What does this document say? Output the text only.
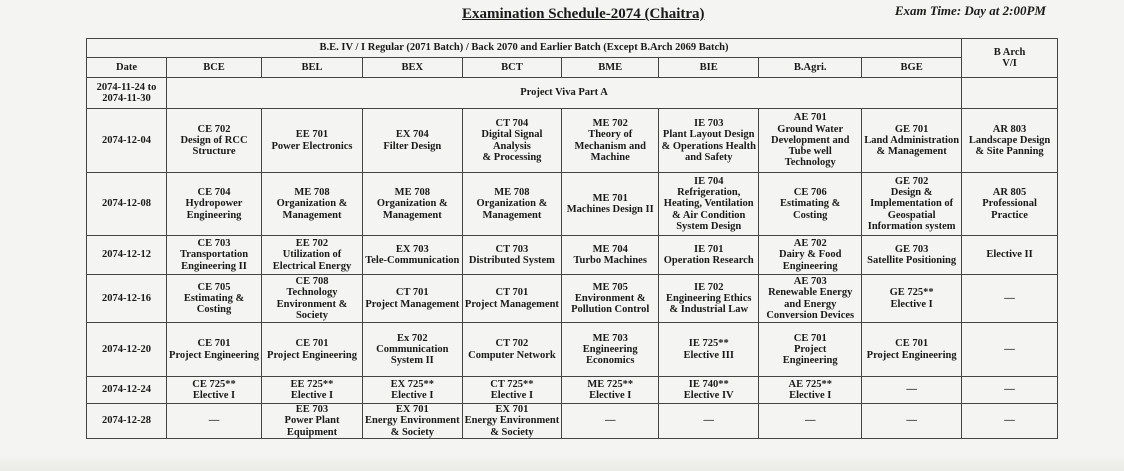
Examination Schedule-2074 (Chaitra)	Exam Time: Day at 2:00PM
B.E. IV / I Regular (2071 Batch) / Back 2070 and Earlier Batch (Except B.Arch 2069 Batch)									B Arch
V/I

Date	BCE	BEL	BEX	BCT	BME	BIE	B.Agri.	BGE	

2074-11-24 to
2074-11-30	Project Viva Part A								
2074-12-04	CE 702
Design of RCC
Structure	EE 701
Power Electronics	EX 704
Filter Design	CT 704
Digital Signal
Analysis
& Processing	ME 702
Theory of
Mechanism and
Machine	IE 703
Plant Layout Design
& Operations Health
and Safety	AE 701
Ground Water
Development and
Tube well
Technology	GE 701
Land Administration
& Management	AR 803
Landscape Design
& Site Panning

2074-12-08	CE 704
Hydropower
Engineering	ME 708
Organization &
Management	ME 708
Organization &
Management	ME 708
Organization &
Management	ME 701
Machines Design II	IE 704
Refrigeration,
Heating, Ventilation
& Air Condition
System Design	CE 706
Estimating &
Costing	GE 702
Design &
Implementation of
Geospatial
Information system	AR 805
Professional
Practice

2074-12-12	CE 703
Transportation
Engineering II	EE 702
Utilization of
Electrical Energy	EX 703
Tele-Communication	CT 703
Distributed System	ME 704
Turbo Machines	IE 701
Operation Research	AE 702
Dairy & Food
Engineering	GE 703
Satellite Positioning	Elective II

2074-12-16	CE 705
Estimating &
Costing	CE 708
Technology
Environment &
Society	CT 701
Project Management	CT 701
Project Management	ME 705
Environment &
Pollution Control	IE 702
Engineering Ethics
& Industrial Law	AE 703
Renewable Energy
and Energy
Conversion Devices	GE 725**
Elective I	—

2074-12-20	CE 701
Project Engineering	CE 701
Project Engineering	Ex 702
Communication
System II	CT 702
Computer Network	ME 703
Engineering
Economics	IE 725**
Elective III	CE 701
Project
Engineering	CE 701
Project Engineering	—

2074-12-24	CE 725**
Elective I	EE 725**
Elective I	EX 725**
Elective I	CT 725**
Elective I	ME 725**
Elective I	IE 740**
Elective IV	AE 725**
Elective I	—	—

2074-12-28	—	EE 703
Power Plant
Equipment	EX 701
Energy Environment
& Society	EX 701
Energy Environment
& Society	—	—	—	—	—
